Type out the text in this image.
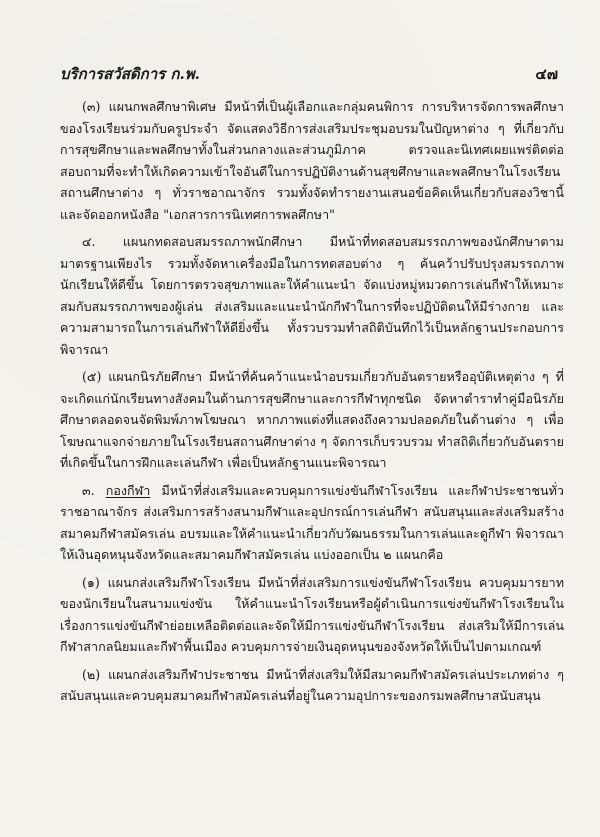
บริการสวัสดิการ ก.พ.	๔๗

(๓) แผนกพลศึกษาพิเศษ มีหน้าที่เป็นผู้เลือกและกลุ่มคนพิการ การบริหารจัดการพลศึกษาของโรงเรียนร่วมกับครูประจำ จัดแสดงวิธีการส่งเสริมประชุมอบรมในปัญหาต่าง ๆ ที่เกี่ยวกับการสุขศึกษาและพลศึกษาทั้งในส่วนกลางและส่วนภูมิภาค ตรวจและนิเทศเผยแพร่ติดต่อสอบถามที่จะทำให้เกิดความเข้าใจอันดีในการปฏิบัติงานด้านสุขศึกษาและพลศึกษาในโรงเรียนสถานศึกษาต่าง ๆ ทั่วราชอาณาจักร รวมทั้งจัดทำรายงานเสนอข้อคิดเห็นเกี่ยวกับสองวิชานี้ และจัดออกหนังสือ "เอกสารการนิเทศการพลศึกษา"

๔. แผนกทดสอบสมรรถภาพนักศึกษา มีหน้าที่ทดสอบสมรรถภาพของนักศึกษาตามมาตรฐานเพียงไร รวมทั้งจัดหาเครื่องมือในการทดสอบต่าง ๆ ค้นคว้าปรับปรุงสมรรถภาพนักเรียนให้ดีขึ้น โดยการตรวจสุขภาพและให้คำแนะนำ จัดแบ่งหมู่หมวดการเล่นกีฬาให้เหมาะสมกับสมรรถภาพของผู้เล่น ส่งเสริมและแนะนำนักกีฬาในการที่จะปฏิบัติตนให้มีร่างกาย และความสามารถในการเล่นกีฬาให้ดียิ่งขึ้น ทั้งรวบรวมทำสถิติบันทึกไว้เป็นหลักฐานประกอบการพิจารณา

(๕) แผนกนิรภัยศึกษา มีหน้าที่ค้นคว้าแนะนำอบรมเกี่ยวกับอันตรายหรืออุบัติเหตุต่าง ๆ ที่จะเกิดแก่นักเรียนทางสังคมในด้านการสุขศึกษาและการกีฬาทุกชนิด จัดหาตำราทำคู่มือนิรภัยศึกษาตลอดจนจัดพิมพ์ภาพโฆษณา หากภาพแต่งที่แสดงถึงความปลอดภัยในด้านต่าง ๆ เพื่อโฆษณาแจกจ่ายภายในโรงเรียนสถานศึกษาต่าง ๆ จัดการเก็บรวบรวม ทำสถิติเกี่ยวกับอันตรายที่เกิดขึ้นในการฝึกและเล่นกีฬา เพื่อเป็นหลักฐานแนะพิจารณา

๓. กองกีฬา มีหน้าที่ส่งเสริมและควบคุมการแข่งขันกีฬาโรงเรียน และกีฬาประชาชนทั่วราชอาณาจักร ส่งเสริมการสร้างสนามกีฬาและอุปกรณ์การเล่นกีฬา สนับสนุนและส่งเสริมสร้างสมาคมกีฬาสมัครเล่น อบรมและให้คำแนะนำเกี่ยวกับวัฒนธรรมในการเล่นและดูกีฬา พิจารณาให้เงินอุดหนุนจังหวัดและสมาคมกีฬาสมัครเล่น แบ่งออกเป็น ๒ แผนกคือ

(๑) แผนกส่งเสริมกีฬาโรงเรียน มีหน้าที่ส่งเสริมการแข่งขันกีฬาโรงเรียน ควบคุมมารยาทของนักเรียนในสนามแข่งขัน ให้คำแนะนำโรงเรียนหรือผู้ดำเนินการแข่งขันกีฬาโรงเรียนในเรื่องการแข่งขันกีฬาย่อยเหลือติดต่อและจัดให้มีการแข่งขันกีฬาโรงเรียน ส่งเสริมให้มีการเล่นกีฬาสากลนิยมและกีฬาพื้นเมือง ควบคุมการจ่ายเงินอุดหนุนของจังหวัดให้เป็นไปตามเกณฑ์

(๒) แผนกส่งเสริมกีฬาประชาชน มีหน้าที่ส่งเสริมให้มีสมาคมกีฬาสมัครเล่นประเภทต่าง ๆ สนับสนุนและควบคุมสมาคมกีฬาสมัครเล่นที่อยู่ในความอุปการะของกรมพลศึกษาสนับสนุน
